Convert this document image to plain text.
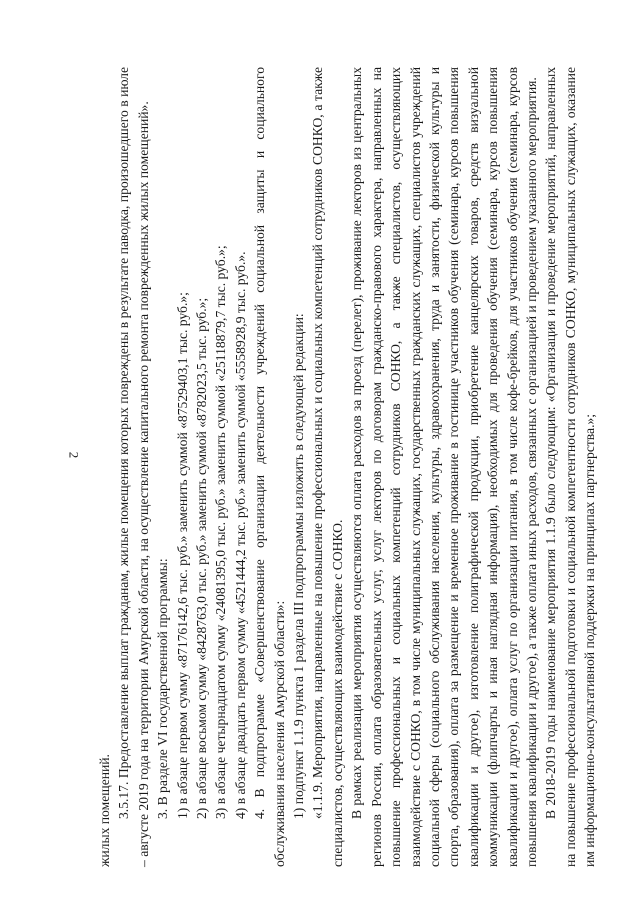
2

жилых помещений. 3.5.17. Предоставление выплат гражданам, жилые помещения которых повреждены в результате паводка, произошедшего в июле – августе 2019 года на территории Амурской области, на осуществление капитального ремонта поврежденных жилых помещений». 3. В разделе VI государственной программы: 1) в абзаце первом сумму «87176142,6 тыс. руб.» заменить суммой «87529403,1 тыс. руб.»; 2) в абзаце восьмом сумму «8428763,0 тыс. руб.» заменить суммой «8782023,5 тыс. руб.»; 3) в абзаце четырнадцатом сумму «24081395,0 тыс. руб.» заменить суммой «25118879,7 тыс. руб.»; 4) в абзаце двадцать первом сумму «4521444,2 тыс. руб.» заменить суммой «5558928,9 тыс. руб.». 4. В подпрограмме «Совершенствование организации деятельности учреждений социальной защиты и социального обслуживания населения Амурской области»: 1) подпункт 1.1.9 пункта 1 раздела III подпрограммы изложить в следующей редакции: «1.1.9. Мероприятия, направленные на повышение профессиональных и социальных компетенций сотрудников СОНКО, а также специалистов, осуществляющих взаимодействие с СОНКО. В рамках реализации мероприятия осуществляются оплата расходов за проезд (перелет), проживание лекторов из центральных регионов России, оплата образовательных услуг, услуг лекторов по договорам гражданско-правового характера, направленных на повышение профессиональных и социальных компетенций сотрудников СОНКО, а также специалистов, осуществляющих взаимодействие с СОНКО, в том числе муниципальных служащих, государственных гражданских служащих, специалистов учреждений социальной сферы (социального обслуживания населения, культуры, здравоохранения, труда и занятости, физической культуры и спорта, образования), оплата за размещение и временное проживание в гостинице участников обучения (семинара, курсов повышения квалификации и другое), изготовление полиграфической продукции, приобретение канцелярских товаров, средств визуальной коммуникации (флипчарты и иная наглядная информация), необходимых для проведения обучения (семинара, курсов повышения квалификации и другое), оплата услуг по организации питания, в том числе кофе-брейков, для участников обучения (семинара, курсов повышения квалификации и другое), а также оплата иных расходов, связанных с организацией и проведением указанного мероприятия. В 2018-2019 годы наименование мероприятия 1.1.9 было следующим: «Организация и проведение мероприятий, направленных на повышение профессиональной подготовки и социальной компетентности сотрудников СОНКО, муниципальных служащих, оказание им информационно-консультативной поддержки на принципах партнерства.»;
